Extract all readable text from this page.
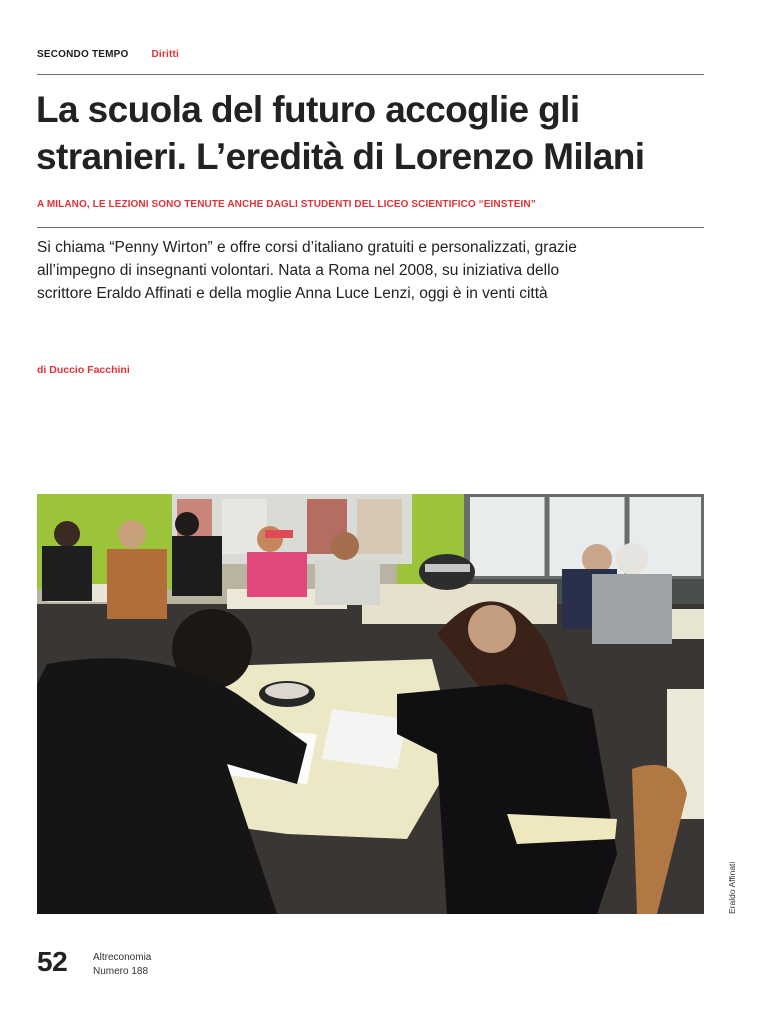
SECONDO TEMPO Diritti
La scuola del futuro accoglie gli
stranieri. L’eredità di Lorenzo Milani
A MILANO, LE LEZIONI SONO TENUTE ANCHE DAGLI STUDENTI DEL LICEO SCIENTIFICO “EINSTEIN”

Si chiama “Penny Wirton” e offre corsi d’italiano gratuiti e personalizzati, grazie
all’impegno di insegnanti volontari. Nata a Roma nel 2008, su iniziativa dello
scrittore Eraldo Affinati e della moglie Anna Luce Lenzi, oggi è in venti città

di Duccio Facchini
Eraldo Affinati
52	Altreconomia
Numero 188
